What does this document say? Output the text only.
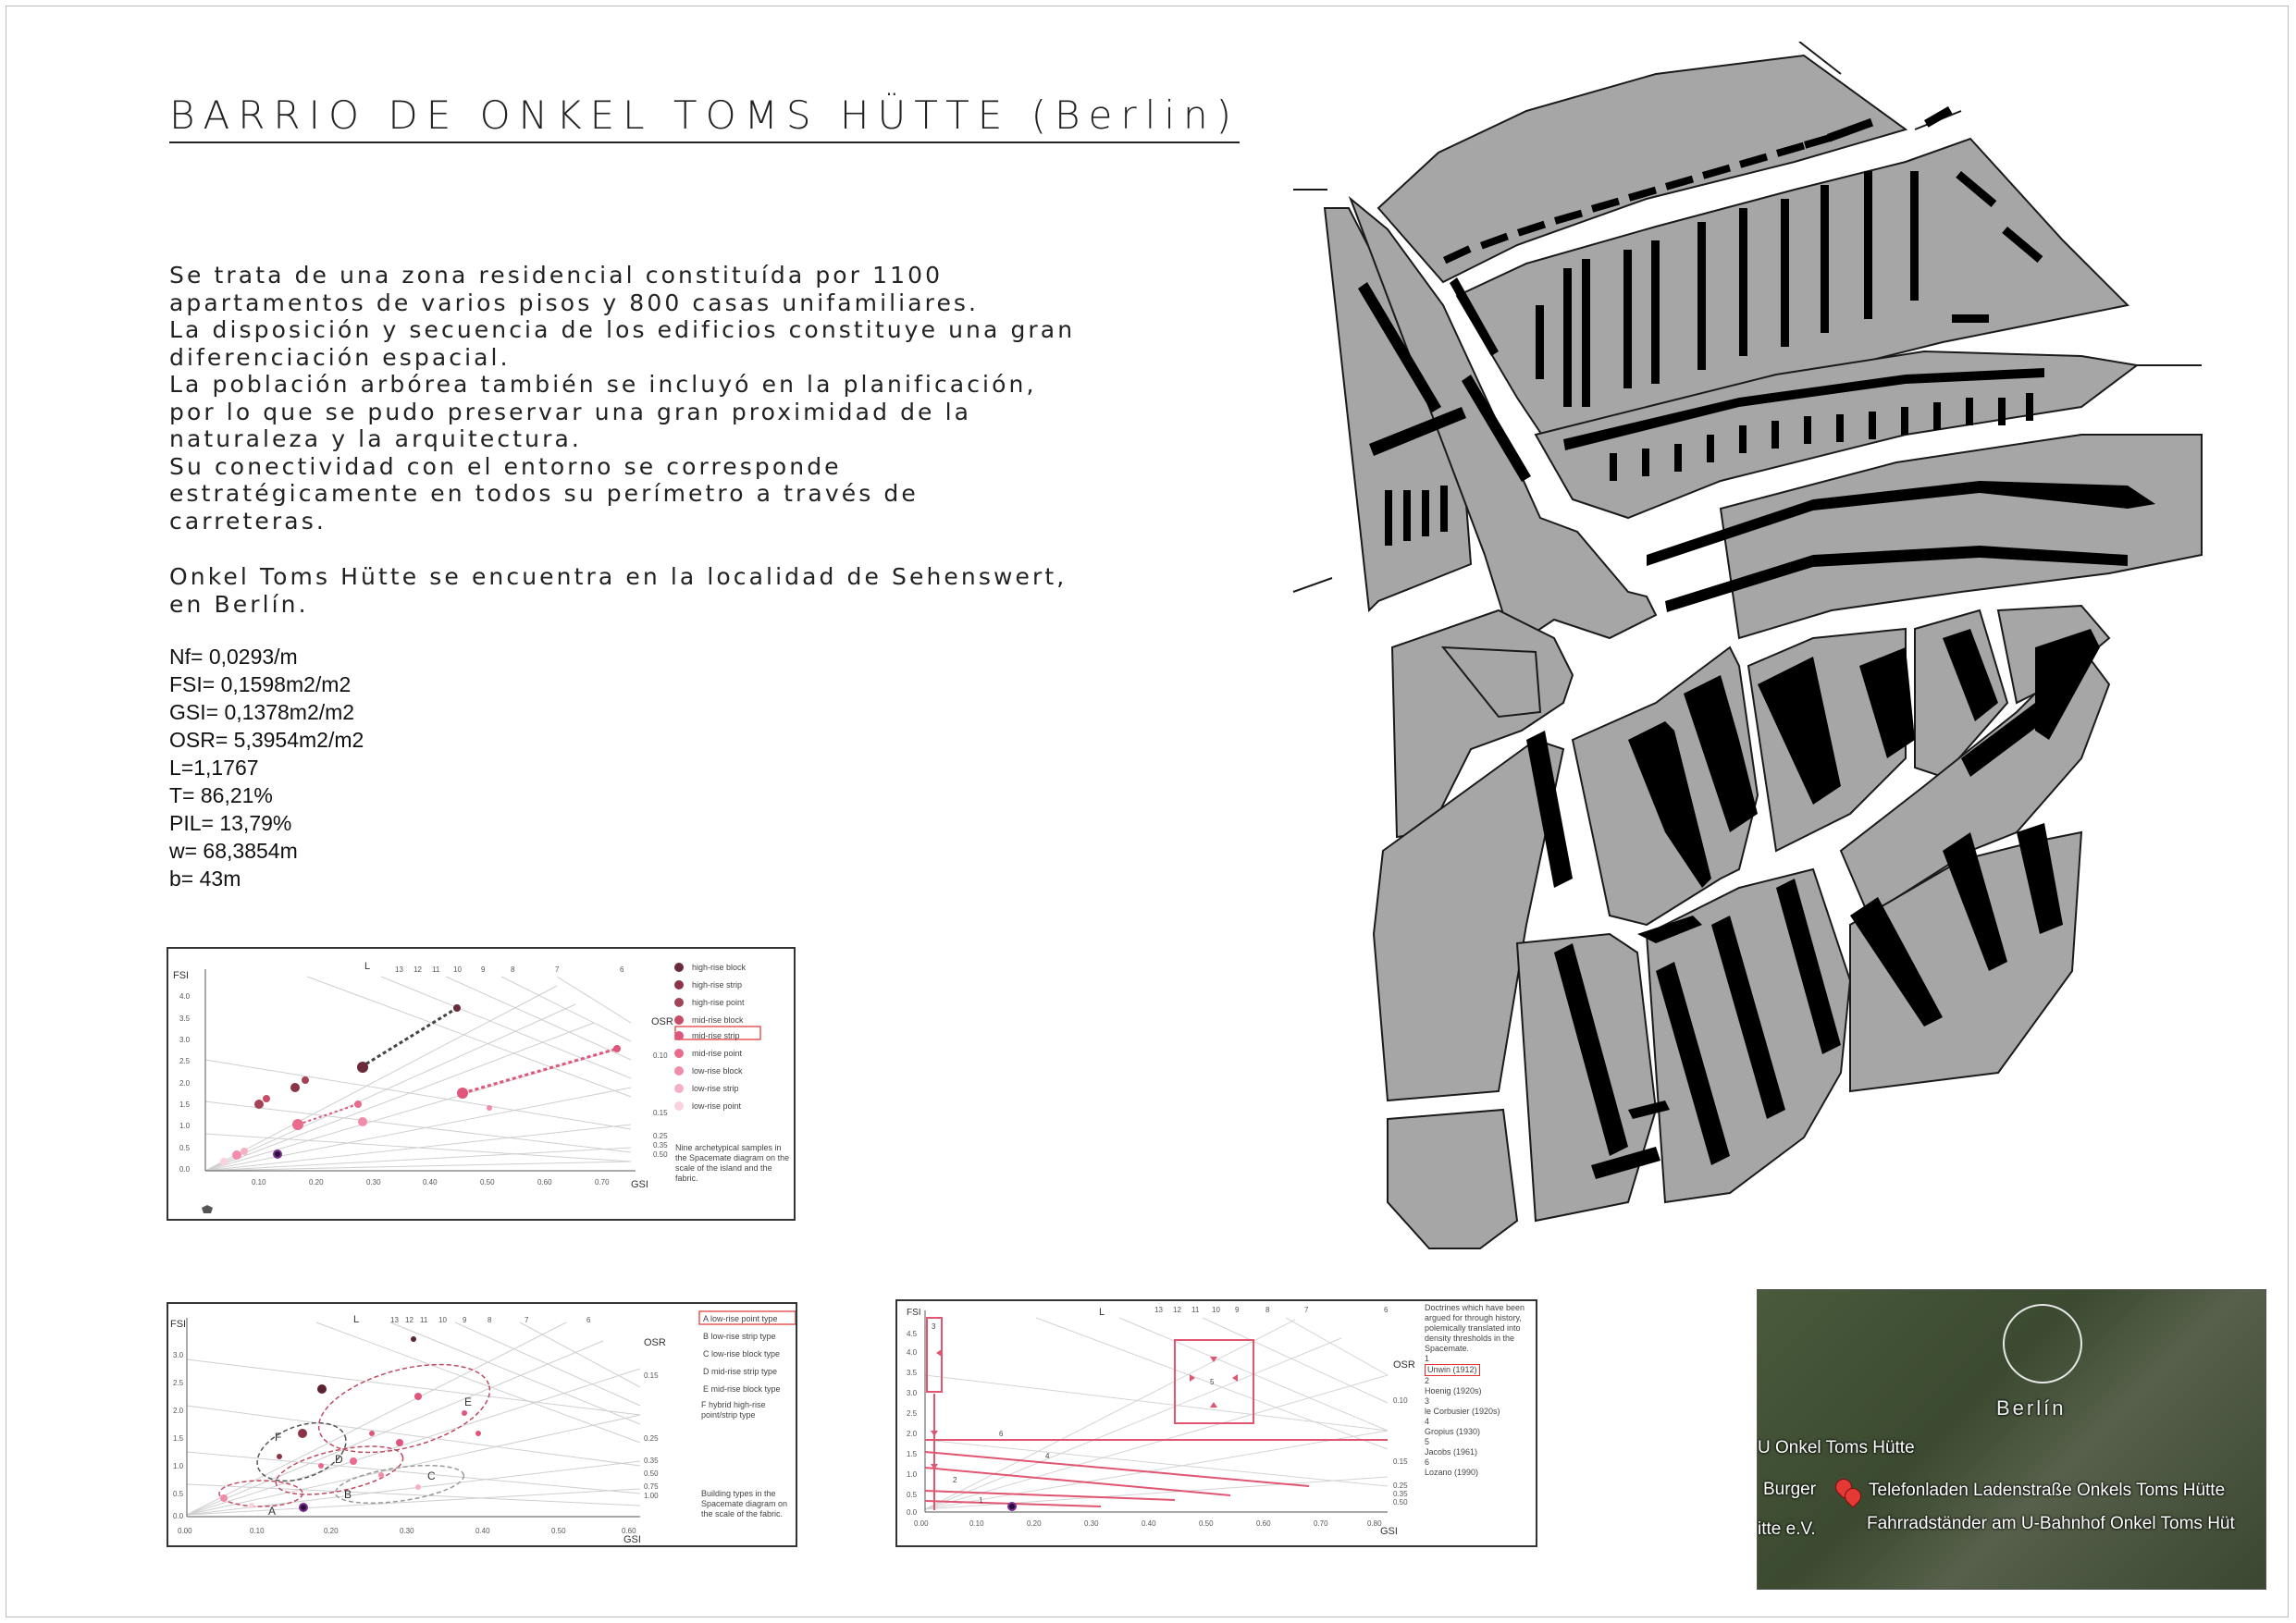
BARRIO DE ONKEL TOMS HÜTTE (Berlin)

Se trata de una zona residencial constituída por 1100

apartamentos de varios pisos y 800 casas unifamiliares.

La disposición y secuencia de los edificios constituye una gran

diferenciación espacial.

La población arbórea también se incluyó en la planificación,

por lo que se pudo preservar una gran proximidad de la

naturaleza y la arquitectura.

Su conectividad con el entorno se corresponde

estratégicamente en todos su perímetro a través de

carreteras.

Onkel Toms Hütte se encuentra en la localidad de Sehenswert,

en Berlín.

Nf= 0,0293/m
FSI= 0,1598m2/m2
GSI= 0,1378m2/m2
OSR= 5,3954m2/m2
L=1,1767
T= 86,21%
PIL= 13,79%
w= 68,3854m
b= 43m
FSI
GSI
L
OSR
4.0
3.5
3.0
2.5
2.0
1.5
1.0
0.5
0.0
0.10	0.20	0.30	0.40	0.50	0.60	0.70
13 12 11 10	9	8	7	6
0.10
0.15
0.25
0.35
0.50
high-rise block
high-rise strip
high-rise point
mid-rise block
mid-rise strip
mid-rise point
low-rise block
low-rise strip
low-rise point
Nine archetypical samples in the Spacemate diagram on the scale of the island and the fabric.
FSI
GSI
L
OSR
3.0
2.5
2.0
1.5
1.0
0.5
0.0
0.00	0.10	0.20	0.30	0.40	0.50	0.60
13 12 11 10 9	8	7	6
0.15
0.25
0.35
0.50
0.75
1.00
A
B
C
D
E
F
A low-rise point type
B low-rise strip type
C low-rise block type
D mid-rise strip type
E mid-rise block type
F hybrid high-rise point/strip type
Building types in the Spacemate diagram on the scale of the fabric.
FSI
GSI
L
OSR
4.5
4.0
3.5
3.0
2.5
2.0
1.5
1.0
0.5
0.0
0.00	0.10	0.20	0.30	0.40	0.50	0.60	0.70	0.80
13 12 11 10 9	8	7	6
0.10
0.15
0.25
0.35
0.50
1
2
3
4
5
6
Doctrines which have been argued for through history, polemically translated into density thresholds in the Spacemate.
1
Unwin (1912)
2
Hoenig (1920s)
3
le Corbusier (1920s)
4
Gropius (1930)
5
Jacobs (1961)
6
Lozano (1990)
Berlín
U Onkel Toms Hütte
Burger	Telefonladen Ladenstraße Onkels Toms Hütte
itte e.V.	Fahrradständer am U-Bahnhof Onkel Toms Hüt
